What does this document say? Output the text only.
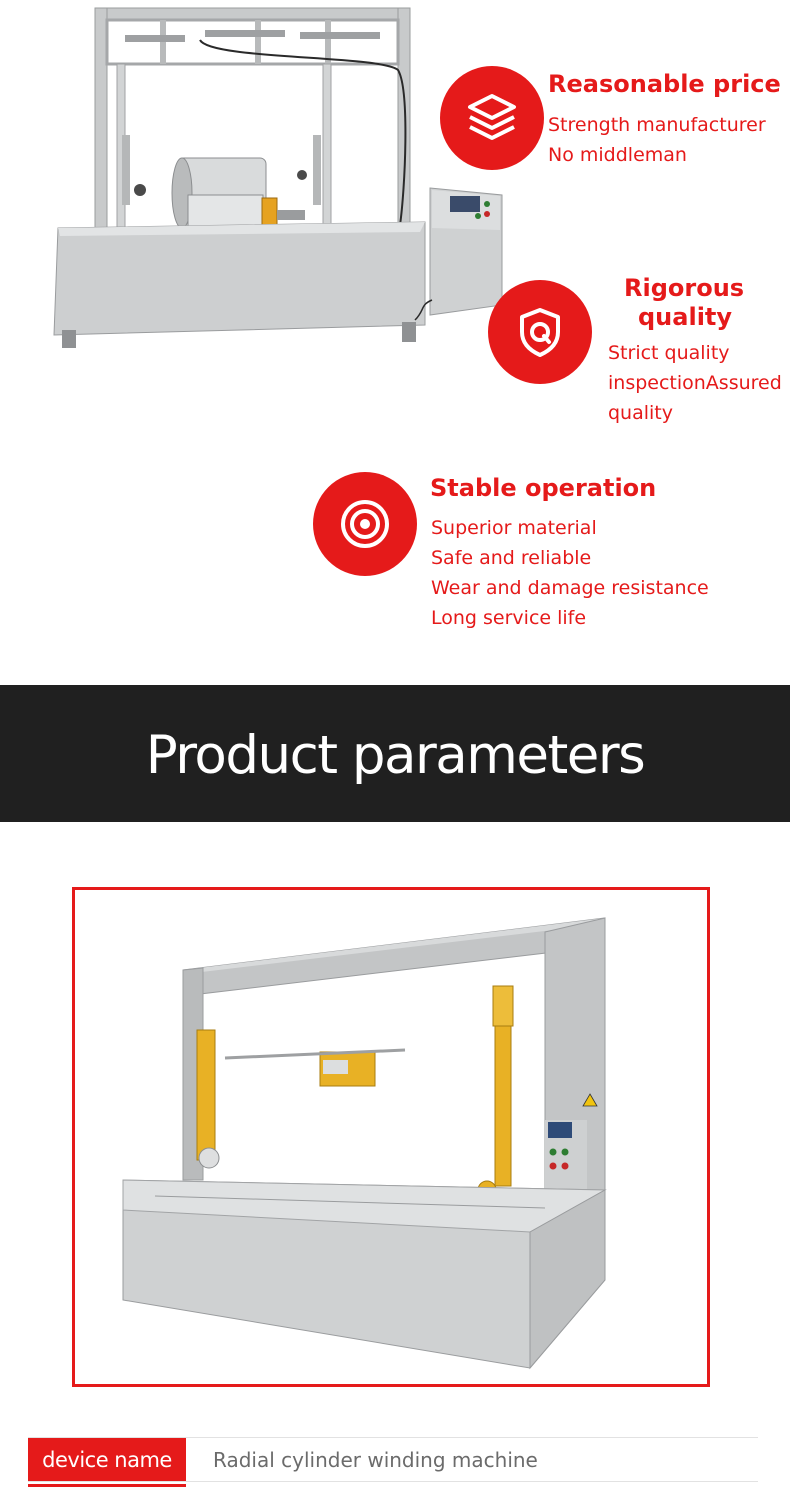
Reasonable price
Strength manufacturer
No middleman
Rigorous
quality
Strict quality
inspectionAssured
quality
Stable operation
Superior material
Safe and reliable
Wear and damage resistance
Long service life
Product parameters
device name	Radial cylinder winding machine
